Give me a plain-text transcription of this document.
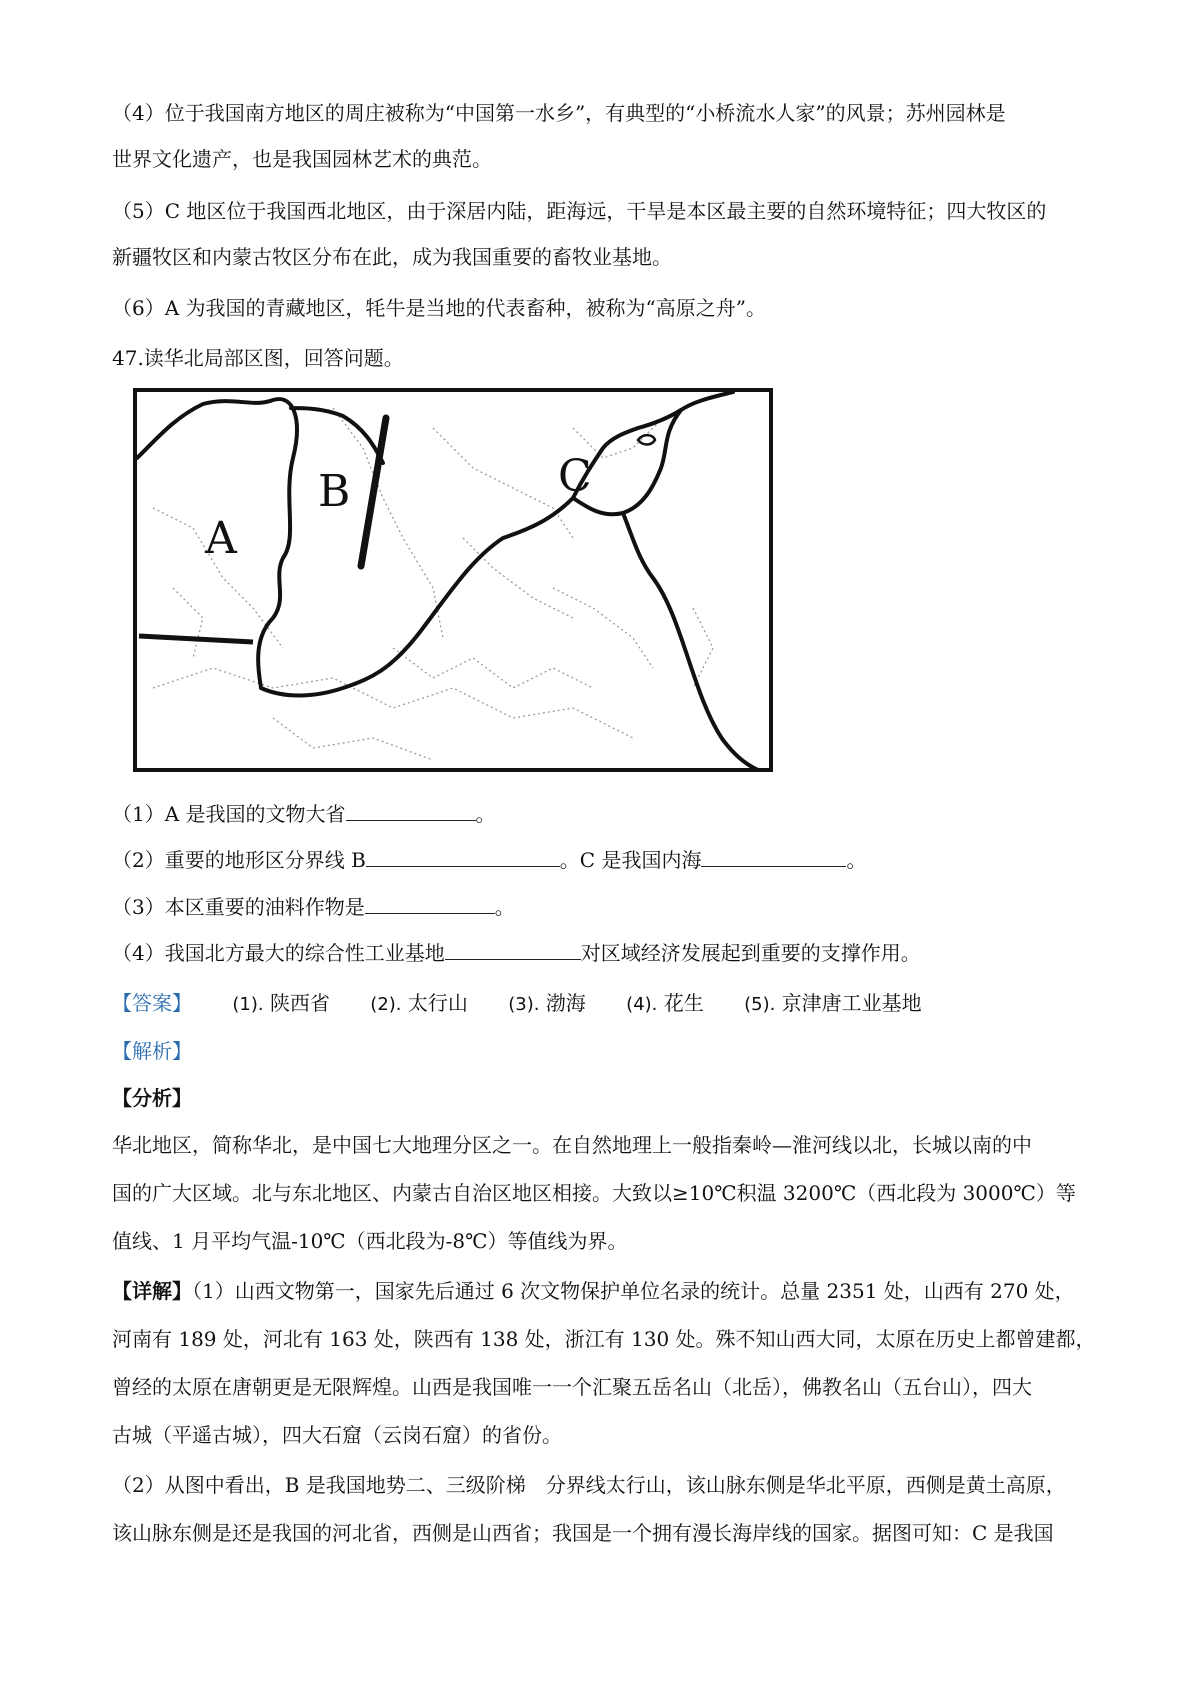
（4）位于我国南方地区的周庄被称为“中国第一水乡”，有典型的“小桥流水人家”的风景；苏州园林是
世界文化遗产，也是我国园林艺术的典范。
（5）C 地区位于我国西北地区，由于深居内陆，距海远，干旱是本区最主要的自然环境特征；四大牧区的
新疆牧区和内蒙古牧区分布在此，成为我国重要的畜牧业基地。
（6）A 为我国的青藏地区，牦牛是当地的代表畜种，被称为“高原之舟”。
47.读华北局部区图，回答问题。
A
B	C
（1）A 是我国的文物大省	。
（2）重要的地形区分界线 B	。C 是我国内海	。
（3）本区重要的油料作物是	。
（4）我国北方最大的综合性工业基地	对区域经济发展起到重要的支撑作用。
【答案】 (1). 陕西省 (2). 太行山 (3). 渤海 (4). 花生 (5). 京津唐工业基地
【解析】
【分析】
华北地区，简称华北，是中国七大地理分区之一。在自然地理上一般指秦岭—淮河线以北，长城以南的中
国的广大区域。北与东北地区、内蒙古自治区地区相接。大致以≥10℃积温 3200℃（西北段为 3000℃）等
值线、1 月平均气温-10℃（西北段为-8℃）等值线为界。
【详解】（1）山西文物第一，国家先后通过 6 次文物保护单位名录的统计。总量 2351 处，山西有 270 处，
河南有 189 处，河北有 163 处，陕西有 138 处，浙江有 130 处。殊不知山西大同，太原在历史上都曾建都，
曾经的太原在唐朝更是无限辉煌。山西是我国唯一一个汇聚五岳名山（北岳），佛教名山（五台山），四大
古城（平遥古城），四大石窟（云岗石窟）的省份。
（2）从图中看出，B 是我国地势二、三级阶梯　分界线太行山，该山脉东侧是华北平原，西侧是黄土高原，
该山脉东侧是还是我国的河北省，西侧是山西省；我国是一个拥有漫长海岸线的国家。据图可知：C 是我国
